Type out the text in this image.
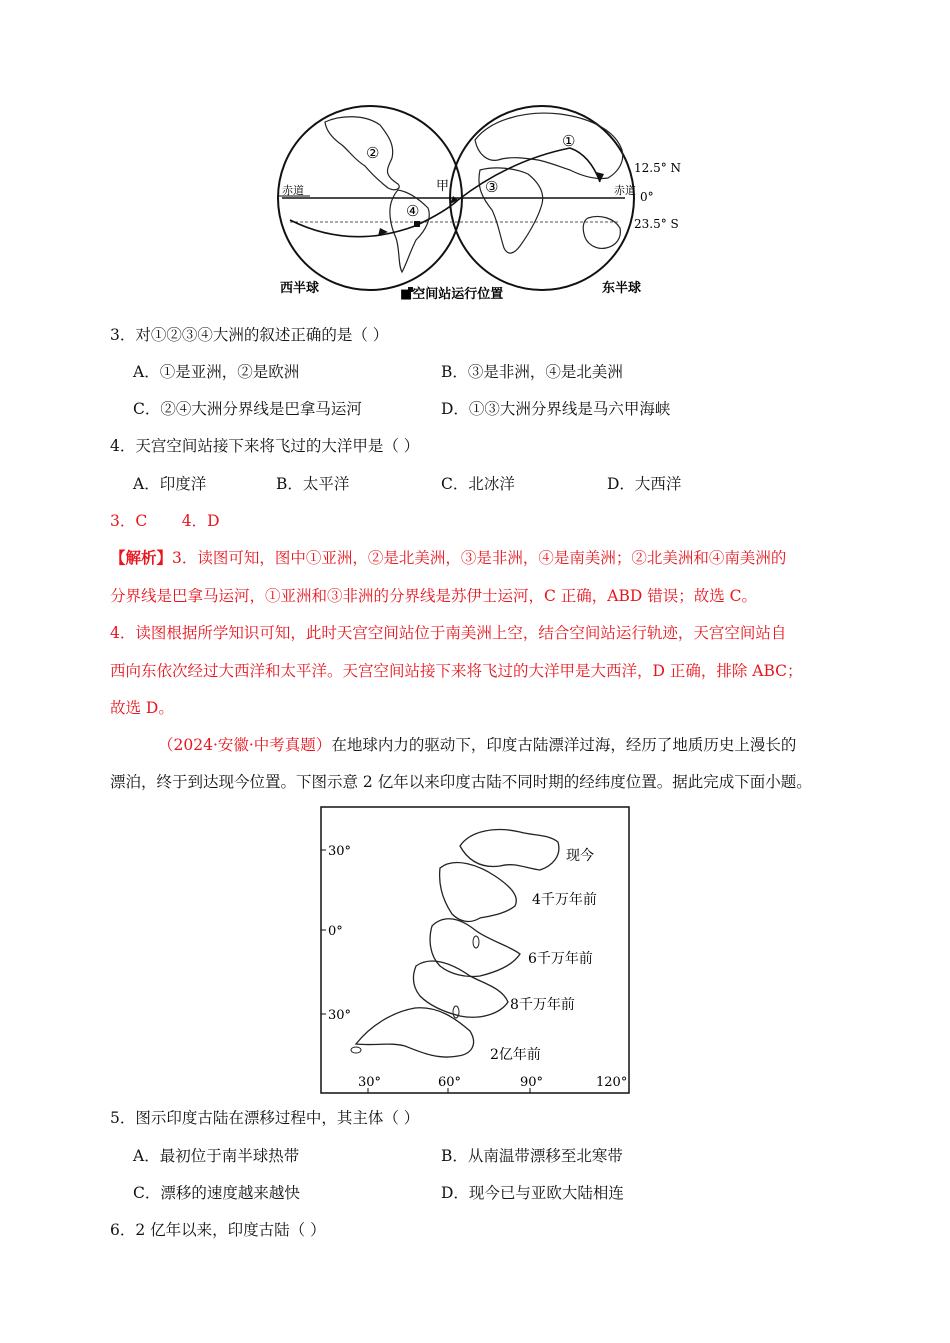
②
④
③
①
甲
赤道	赤道
12.5° N
0°
23.5° S
西半球	■空间站运行位置	东半球
3．对①②③④大洲的叙述正确的是（ ）
A．①是亚洲，②是欧洲	B．③是非洲，④是北美洲
C．②④大洲分界线是巴拿马运河	D．①③大洲分界线是马六甲海峡
4．天宫空间站接下来将飞过的大洋甲是（ ）
A．印度洋	B．太平洋	C．北冰洋	D．大西洋
3．C       4．D
【解析】3．读图可知，图中①亚洲，②是北美洲，③是非洲，④是南美洲；②北美洲和④南美洲的
分界线是巴拿马运河，①亚洲和③非洲的分界线是苏伊士运河，C 正确，ABD 错误；故选 C。
4．读图根据所学知识可知，此时天宫空间站位于南美洲上空，结合空间站运行轨迹，天宫空间站自
西向东依次经过大西洋和太平洋。天宫空间站接下来将飞过的大洋甲是大西洋，D 正确，排除 ABC；
故选 D。
（2024·安徽·中考真题）在地球内力的驱动下，印度古陆漂洋过海，经历了地质历史上漫长的
漂泊，终于到达现今位置。下图示意 2 亿年以来印度古陆不同时期的经纬度位置。据此完成下面小题。
30°
0°
30°
30°	60°	90°	120°
现今
4千万年前
6千万年前
8千万年前
2亿年前
5．图示印度古陆在漂移过程中，其主体（ ）
A．最初位于南半球热带	B．从南温带漂移至北寒带
C．漂移的速度越来越快	D．现今已与亚欧大陆相连
6．2 亿年以来，印度古陆（ ）
